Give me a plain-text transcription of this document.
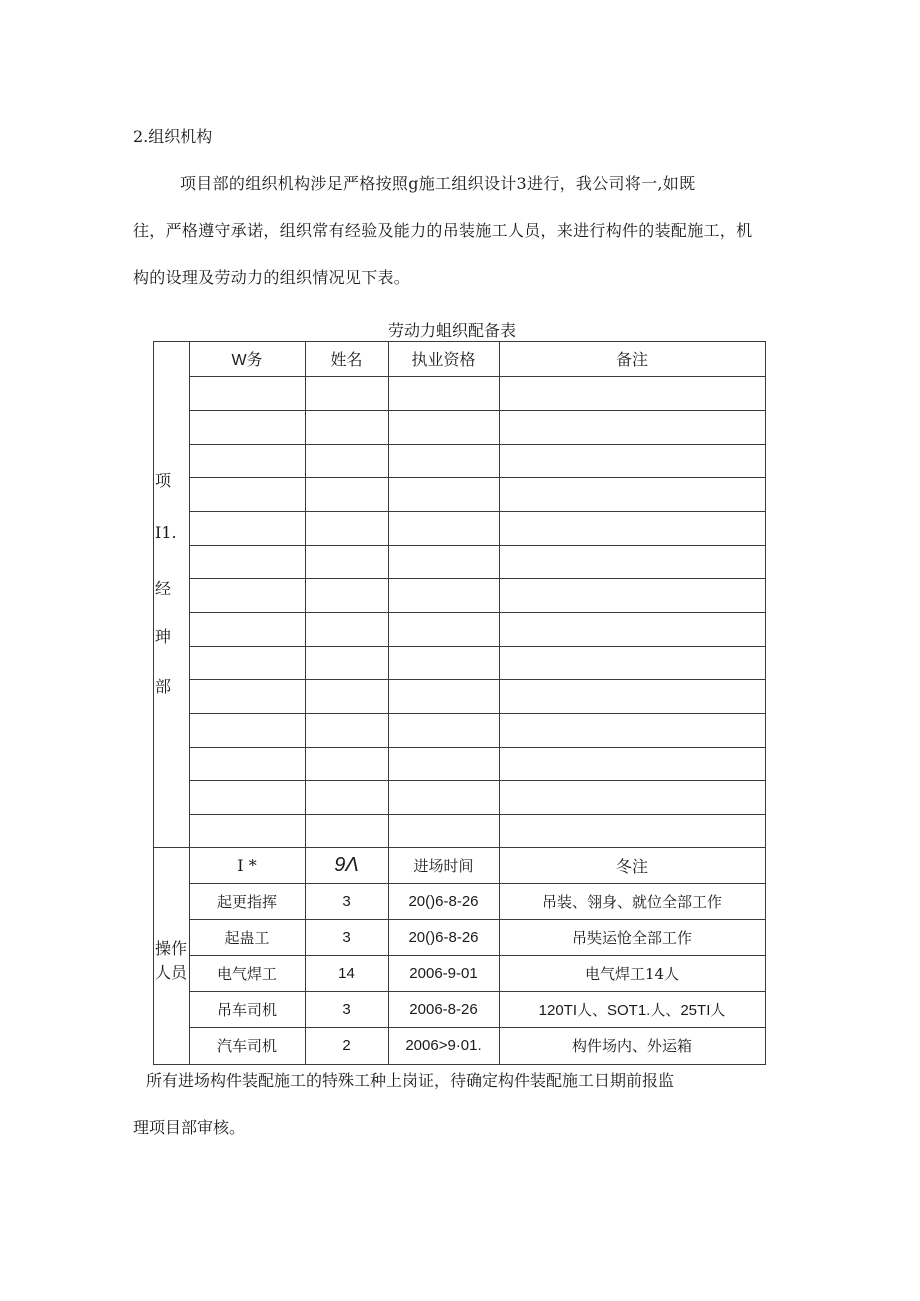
2.组织机构
项目部的组织机构涉足严格按照g施工组织设计3进行，我公司将一,如既
往，严格遵守承诺，组织常有经验及能力的吊装施工人员，来进行构件的装配施工，机
构的设理及劳动力的组织情况见下表。
劳动力蛆织配备表
W务	姓名	执业资格	备注
项
I1.
经
珅
部
操作
人员
I *	9Λ	进场时间	冬注
起更指挥	3	20()6-8-26	吊装、翎身、就位全部工作
起蛊工	3	20()6-8-26	吊奘运怆全部工作
电气焊工	14	2006-9-01	电气焊工14人
吊车司机	3	2006-8-26	120TI人、SOT1.人、25TI人
汽车司机	2	2006>9·01.	构件场内、外运箱
所有进场构件装配施工的特殊工种上岗证，待确定构件装配施工日期前报监
理项目部审核。
